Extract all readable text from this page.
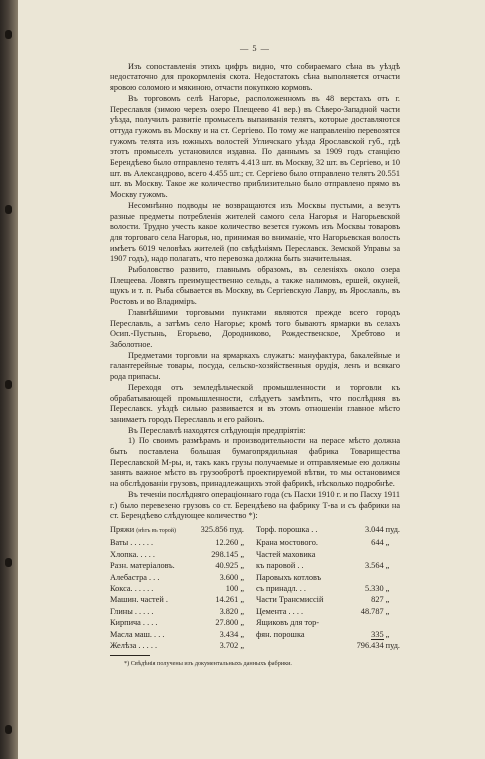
— 5 —

Изъ сопоставленія этихъ цифръ видно, что собираемаго сѣна въ уѣздѣ недостаточно для прокормленія скота. Недостатокъ сѣна выполняется отчасти яровою соломою и мякиною, отчасти покупкою кормовъ.

Въ торговомъ селѣ Нагорье, расположенномъ въ 48 верстахъ отъ г. Переславля (зимою черезъ озеро Плещеево 41 вер.) въ Сѣверо-Западной части уѣзда, получилъ развитіе промыселъ выпаиванія телятъ, которые доставляются оттуда гужомъ въ Москву и на ст. Сергіево. По тому же направленію перевозятся гужомъ телята изъ южныхъ волостей Угличскаго уѣзда Ярославской губ., гдѣ этотъ промыселъ установился издавна. По даннымъ за 1909 годъ станцією Берендѣево было отправлено телятъ 4.413 шт. въ Москву, 32 шт. въ Сергіево, и 10 шт. въ Александрово, всего 4.455 шт.; ст. Сергіево было отправлено телятъ 20.551 шт. въ Москву. Такое же количество приблизительно было отправлено прямо въ Москву гужомъ.

Несомнѣнно подводы не возвращаются изъ Москвы пустыми, а везутъ разные предметы потребленія жителей самого села Нагорья и Нагорьевской волости. Трудно учесть какое количество везется гужомъ изъ Москвы товаровъ для торговаго села Нагорья, но, принимая во вниманіе, что Нагорьевская волость имѣетъ 6019 человѣкъ жителей (по свѣдѣніямъ Переславск. Земской Управы за 1907 годъ), надо полагать, что перевозка должна быть значительная.

Рыболовство развито, главнымъ образомъ, въ селеніяхъ около озера Плещеева. Ловятъ преимущественно сельдь, а также налимовъ, ершей, окуней, щукъ и т. п. Рыба сбывается въ Москву, въ Сергіевскую Лавру, въ Ярославль, въ Ростовъ и во Владиміръ.

Главнѣйшими торговыми пунктами являются прежде всего городъ Переславль, а затѣмъ село Нагорье; кромѣ того бываютъ ярмарки въ селахъ Осип.-Пустынь, Егорьево, Дородниково, Рождественское, Хребтово и Заболотное.

Предметами торговли на ярмаркахъ служатъ: мануфактура, бакалейные и галантерейные товары, посуда, сельско-хозяйственныя орудія, ленъ и всякаго рода припасы.

Переходя отъ земледѣльческой промышленности и торговли къ обрабатывающей промышленности, слѣдуетъ замѣтить, что послѣдняя въ Переславск. уѣздѣ сильно развивается и въ этомъ отношеніи главное мѣсто занимаетъ городъ Переславль и его районъ.

Въ Переславлѣ находятся слѣдующія предпріятія:

1) По своимъ размѣрамъ и производительности на перасе мѣсто должна быть поставлена большая бумагопрядильная фабрика Товарищества Переславской М-ры, и, такъ какъ грузы получаемые и отправляемые ею должны занять важное мѣсто въ грузообротѣ проектируемой вѣтви, то мы остановимся на обслѣдованіи грузовъ, принадлежащихъ этой фабрикѣ, нѣсколько подробнѣе.

Въ теченіи послѣдняго операціоннаго года (съ Пасхи 1910 г. и по Пасху 1911 г.) было перевезено грузовъ со ст. Берендѣево на фабрику Т-ва и съ фабрики на ст. Берендѣево слѣдующее количество *):

Пряжи (нѣтъ въ торой)	325.856 пуд.	Торф. порошка . .	3.044	пуд.
Ваты . . . . . .	12.260 „	Крана мостового.	644	„
Хлопка. . . . .	298.145 „	Частей маховика		
Разн. матеріаловъ.	40.925 „	къ паровой . .	3.564	„
Алебастра . . .	3.600 „	Паровыхъ котловъ		
Кокса. . . . . .	100 „	съ принадл. . .	5.330	„
Машин. частей .	14.261 „	Части Трансмиссій	827	„
Глины . . . . .	3.820 „	Цемента . . . .	48.787	„
Кирпича . . . .	27.800 „	Ящиковъ для тор-		
Масла маш. . . .	3.434 „	фян. порошка	335	„
Желѣза . . . . .	3.702 „		796.434	пуд.
*) Свѣдѣнія получены изъ документальныхъ данныхъ фабрики.
